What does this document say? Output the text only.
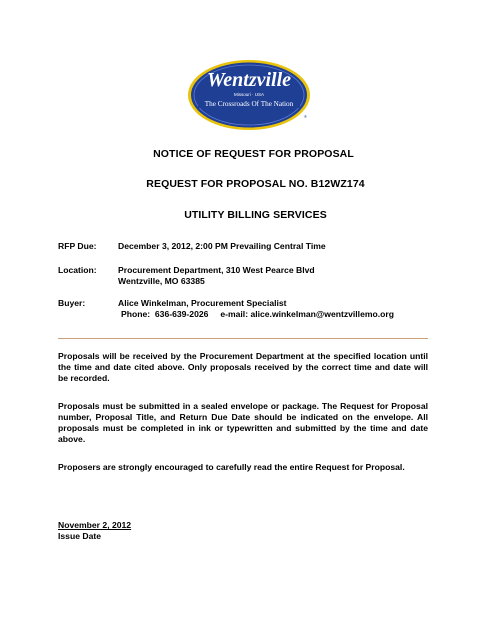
Wentzville
Missouri · USA
The Crossroads Of The Nation
®
NOTICE OF REQUEST FOR PROPOSAL
REQUEST FOR PROPOSAL NO. B12WZ174
UTILITY BILLING SERVICES
RFP Due:	December 3, 2012, 2:00 PM Prevailing Central Time
Location:	Procurement Department, 310 West Pearce Blvd
Wentzville, MO 63385
Buyer:	Alice Winkelman, Procurement Specialist
Phone:  636-639-2026     e-mail: alice.winkelman@wentzvillemo.org

Proposals will be received by the Procurement Department at the specified location until the time and date cited above. Only proposals received by the correct time and date will be recorded.

Proposals must be submitted in a sealed envelope or package. The Request for Proposal number, Proposal Title, and Return Due Date should be indicated on the envelope. All proposals must be completed in ink or typewritten and submitted by the time and date above.

Proposers are strongly encouraged to carefully read the entire Request for Proposal.

November 2, 2012
Issue Date
